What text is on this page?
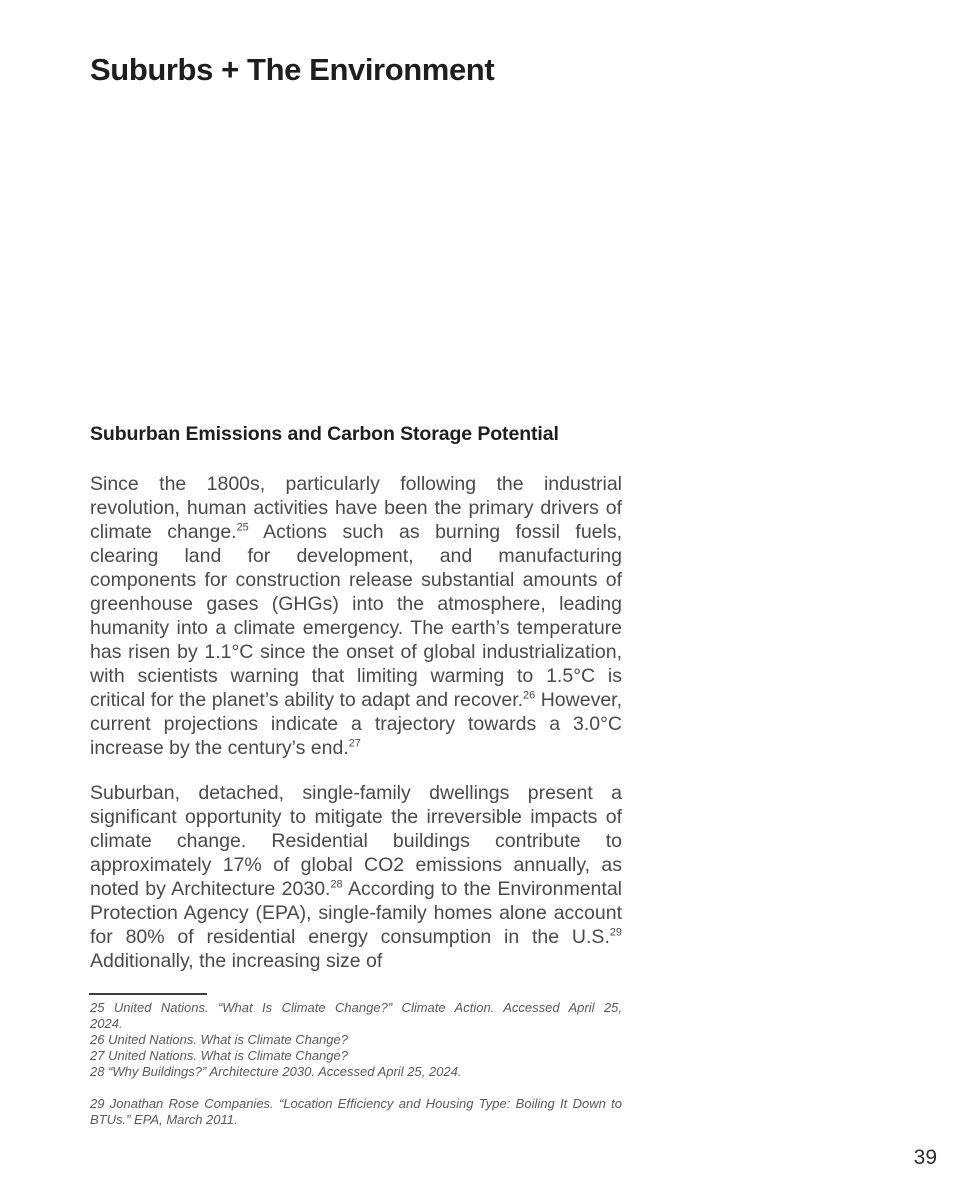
Suburbs + The Environment
Suburban Emissions and Carbon Storage Potential

Since the 1800s, particularly following the industrial revolution, human activities have been the primary drivers of climate change.$^{25}$ Actions such as burning fossil fuels, clearing land for development, and manufacturing components for construction release substantial amounts of greenhouse gases (GHGs) into the atmosphere, leading humanity into a climate emergency. The earth’s temperature has risen by 1.1°C since the onset of global industrialization, with scientists warning that limiting warming to 1.5°C is critical for the planet’s ability to adapt and recover.$^{26}$ However, current projections indicate a trajectory towards a 3.0°C increase by the century’s end.$^{27}$

Suburban, detached, single-family dwellings present a significant opportunity to mitigate the irreversible impacts of climate change. Residential buildings contribute to approximately 17% of global CO2 emissions annually, as noted by Architecture 2030.28 According to the Environmental Protection Agency (EPA), single-family homes alone account for 80% of residential energy consumption in the U.S.$^{29}$ Additionally, the increasing size of

25 United Nations. “What Is Climate Change?” Climate Action. Accessed April 25,

2024.

26 United Nations. What is Climate Change?

27 United Nations. What is Climate Change?

28 “Why Buildings?” Architecture 2030. Accessed April 25, 2024.

29 Jonathan Rose Companies. “Location Efficiency and Housing Type: Boiling It Down to

BTUs.” EPA, March 2011.

39
